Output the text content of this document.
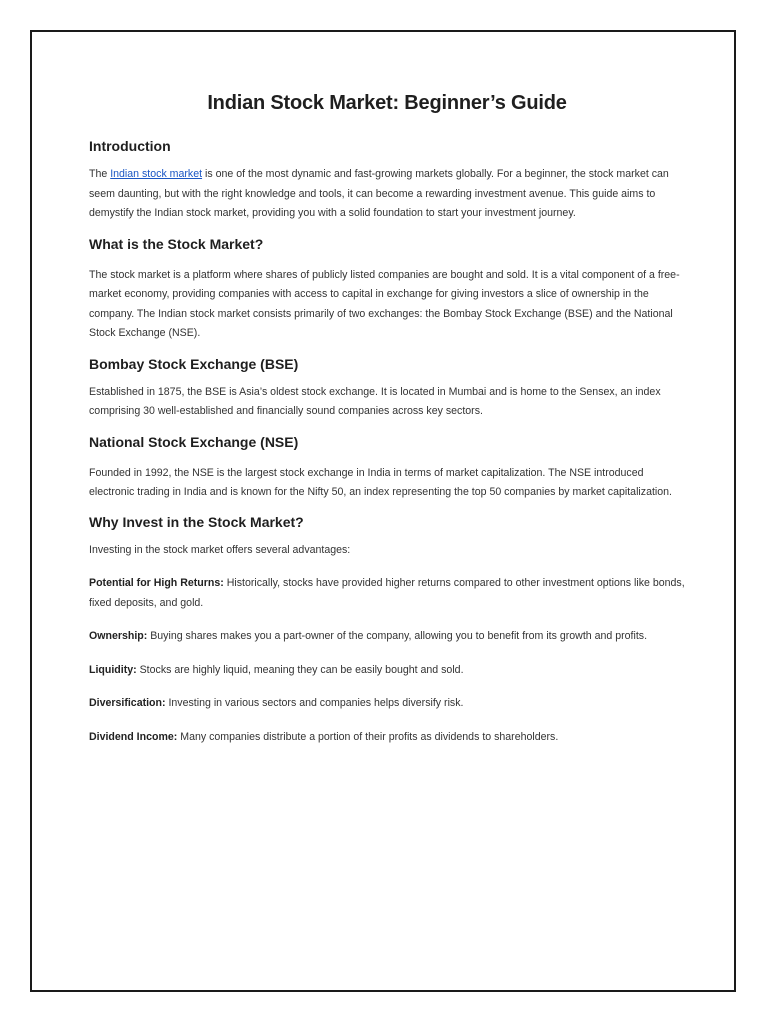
Indian Stock Market: Beginner’s Guide
Introduction

The Indian stock market is one of the most dynamic and fast-growing markets globally. For a beginner, the stock market can seem daunting, but with the right knowledge and tools, it can become a rewarding investment avenue. This guide aims to demystify the Indian stock market, providing you with a solid foundation to start your investment journey.

What is the Stock Market?

The stock market is a platform where shares of publicly listed companies are bought and sold. It is a vital component of a free-market economy, providing companies with access to capital in exchange for giving investors a slice of ownership in the company. The Indian stock market consists primarily of two exchanges: the Bombay Stock Exchange (BSE) and the National Stock Exchange (NSE).

Bombay Stock Exchange (BSE)

Established in 1875, the BSE is Asia’s oldest stock exchange. It is located in Mumbai and is home to the Sensex, an index comprising 30 well-established and financially sound companies across key sectors.

National Stock Exchange (NSE)

Founded in 1992, the NSE is the largest stock exchange in India in terms of market capitalization. The NSE introduced electronic trading in India and is known for the Nifty 50, an index representing the top 50 companies by market capitalization.

Why Invest in the Stock Market?

Investing in the stock market offers several advantages:

Potential for High Returns: Historically, stocks have provided higher returns compared to other investment options like bonds, fixed deposits, and gold.

Ownership: Buying shares makes you a part-owner of the company, allowing you to benefit from its growth and profits.

Liquidity: Stocks are highly liquid, meaning they can be easily bought and sold.

Diversification: Investing in various sectors and companies helps diversify risk.

Dividend Income: Many companies distribute a portion of their profits as dividends to shareholders.
